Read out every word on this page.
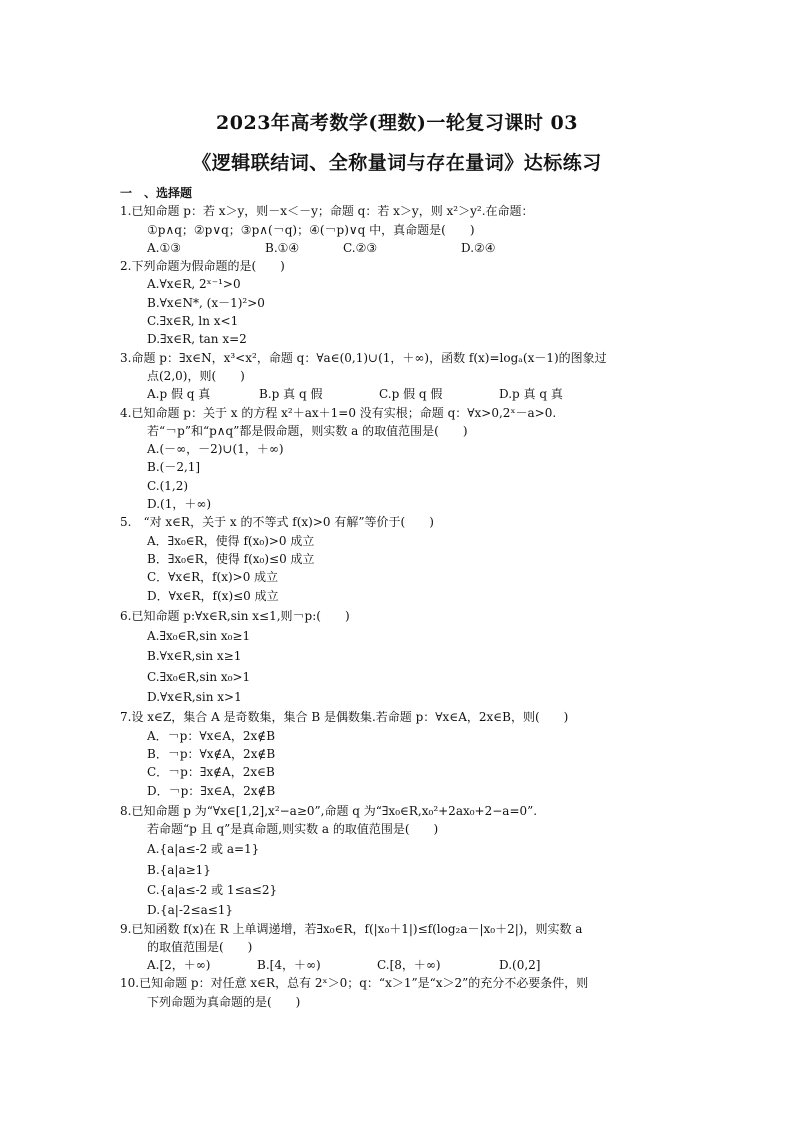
2023年高考数学(理数)一轮复习课时 03
《逻辑联结词、全称量词与存在量词》达标练习
一　、选择题
1.已知命题 p：若 x＞y，则－x＜－y；命题 q：若 x＞y，则 x²＞y².在命题：
①p∧q；②p∨q；③p∧(￢q)；④(￢p)∨q 中，真命题是(　　)
A.①③	B.①④	C.②③	D.②④
2.下列命题为假命题的是(　　)
A.∀x∈R, 2ˣ⁻¹>0
B.∀x∈N*, (x－1)²>0
C.∃x∈R, ln x<1
D.∃x∈R, tan x=2
3.命题 p：∃x∈N，x³<x²，命题 q：∀a∈(0,1)∪(1，＋∞)，函数 f(x)=logₐ(x－1)的图象过
点(2,0)，则(　　)
A.p 假 q 真	B.p 真 q 假	C.p 假 q 假	D.p 真 q 真
4.已知命题 p：关于 x 的方程 x²＋ax＋1=0 没有实根；命题 q：∀x>0,2ˣ－a>0.
若“￢p”和“p∧q”都是假命题，则实数 a 的取值范围是(　　)
A.(－∞，－2)∪(1，＋∞)
B.(－2,1]
C.(1,2)
D.(1，＋∞)
5.　“对 x∈R，关于 x 的不等式 f(x)>0 有解”等价于(　　)
A．∃x₀∈R，使得 f(x₀)>0 成立
B．∃x₀∈R，使得 f(x₀)≤0 成立
C．∀x∈R，f(x)>0 成立
D．∀x∈R，f(x)≤0 成立
6.已知命题 p:∀x∈R,sin x≤1,则￢p:(　　)
A.∃x₀∈R,sin x₀≥1
B.∀x∈R,sin x≥1
C.∃x₀∈R,sin x₀>1
D.∀x∈R,sin x>1
7.设 x∈Z，集合 A 是奇数集，集合 B 是偶数集.若命题 p：∀x∈A，2x∈B，则(　　)
A．￢p：∀x∈A，2x∉B
B．￢p：∀x∉A，2x∉B
C．￢p：∃x∉A，2x∈B
D．￢p：∃x∈A，2x∉B
8.已知命题 p 为“∀x∈[1,2],x²−a≥0”,命题 q 为“∃x₀∈R,x₀²+2ax₀+2−a=0”.
若命题“p 且 q”是真命题,则实数 a 的取值范围是(　　)
A.{a|a≤-2 或 a=1}
B.{a|a≥1}
C.{a|a≤-2 或 1≤a≤2}
D.{a|-2≤a≤1}
9.已知函数 f(x)在 R 上单调递增，若∃x₀∈R，f(|x₀＋1|)≤f(log₂a－|x₀＋2|)，则实数 a
的取值范围是(　　)
A.[2，＋∞)	B.[4，＋∞)	C.[8，＋∞)	D.(0,2]
10.已知命题 p：对任意 x∈R，总有 2ˣ＞0；q：“x＞1”是“x＞2”的充分不必要条件，则
下列命题为真命题的是(　　)
